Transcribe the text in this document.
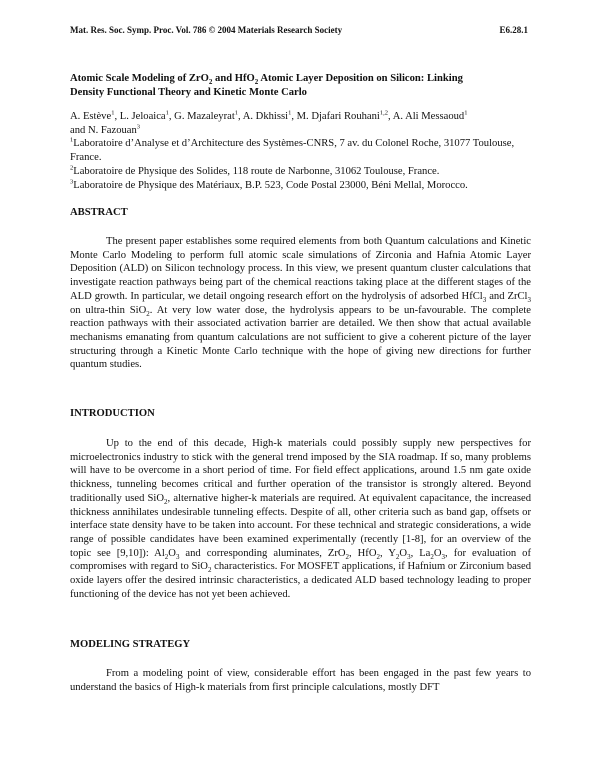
Mat. Res. Soc. Symp. Proc. Vol. 786 © 2004 Materials Research Society	E6.28.1
Atomic Scale Modeling of ZrO$_2$ and HfO$_2$ Atomic Layer Deposition on Silicon: Linking
Density Functional Theory and Kinetic Monte Carlo
A. Estève$^1$, L. Jeloaica$^1$, G. Mazaleyrat$^1$, A. Dkhissi$^1$, M. Djafari Rouhani$^{1,2}$, A. Ali Messaoud$^1$
and N. Fazouan$^3$
$^1$Laboratoire d’Analyse et d’Architecture des Systèmes-CNRS, 7 av. du Colonel Roche, 31077 Toulouse, France.
$^2$Laboratoire de Physique des Solides, 118 route de Narbonne, 31062 Toulouse, France.
$^3$Laboratoire de Physique des Matériaux, B.P. 523, Code Postal 23000, Béni Mellal, Morocco.
ABSTRACT

The present paper establishes some required elements from both Quantum calculations and Kinetic Monte Carlo Modeling to perform full atomic scale simulations of Zirconia and Hafnia Atomic Layer Deposition (ALD) on Silicon technology process. In this view, we present quantum cluster calculations that investigate reaction pathways being part of the chemical reactions taking place at the different stages of the ALD growth. In particular, we detail ongoing research effort on the hydrolysis of adsorbed HfCl$_3$ and ZrCl$_3$ on ultra-thin SiO$_2$. At very low water dose, the hydrolysis appears to be un-favourable. The complete reaction pathways with their associated activation barrier are detailed. We then show that actual available mechanisms emanating from quantum calculations are not sufficient to give a coherent picture of the layer structuring through a Kinetic Monte Carlo technique with the hope of giving new directions for further quantum studies.

INTRODUCTION

Up to the end of this decade, High-k materials could possibly supply new perspectives for microelectronics industry to stick with the general trend imposed by the SIA roadmap. If so, many problems will have to be overcome in a short period of time. For field effect applications, around 1.5 nm gate oxide thickness, tunneling becomes critical and further operation of the transistor is strongly altered. Beyond traditionally used SiO$_2$, alternative higher-k materials are required. At equivalent capacitance, the increased thickness annihilates undesirable tunneling effects. Despite of all, other criteria such as band gap, offsets or interface state density have to be taken into account. For these technical and strategic considerations, a wide range of possible candidates have been examined experimentally (recently [1-8], for an overview of the topic see [9,10]): $Al_2O_3$ and corresponding aluminates, ZrO$_2$, HfO$_2$, $Y_2O_3$, $La_2O_3$, for evaluation of compromises with regard to SiO$_2$ characteristics. For MOSFET applications, if Hafnium or Zirconium based oxide layers offer the desired intrinsic characteristics, a dedicated ALD based technology leading to proper functioning of the device has not yet been achieved.

MODELING STRATEGY

From a modeling point of view, considerable effort has been engaged in the past few years to understand the basics of High-k materials from first principle calculations, mostly DFT
